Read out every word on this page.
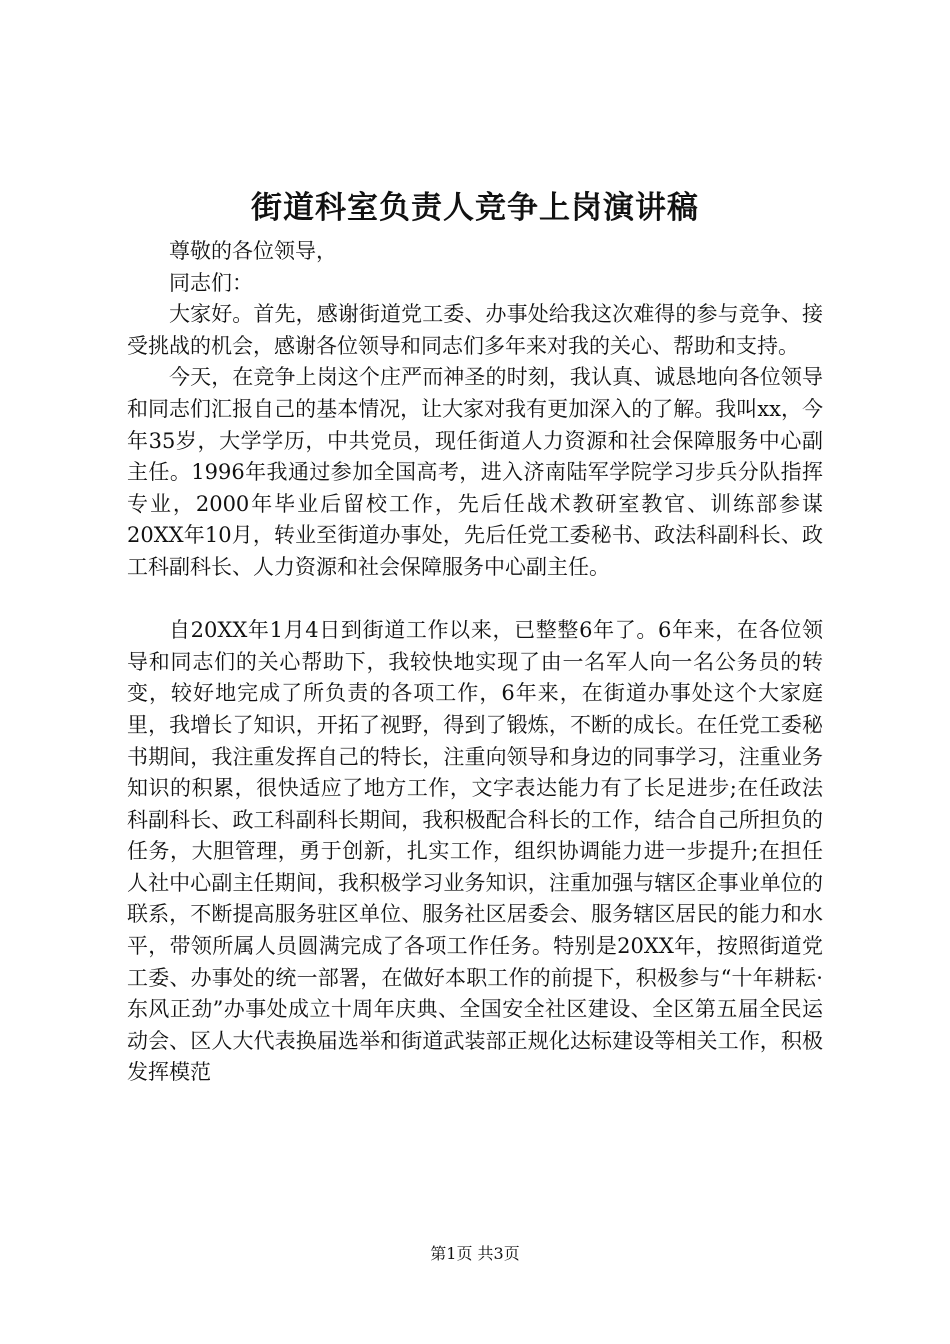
街道科室负责人竞争上岗演讲稿

尊敬的各位领导，

同志们：

大家好。首先，感谢街道党工委、办事处给我这次难得的参与竞争、接受挑战的机会，感谢各位领导和同志们多年来对我的关心、帮助和支持。

今天，在竞争上岗这个庄严而神圣的时刻，我认真、诚恳地向各位领导和同志们汇报自己的基本情况，让大家对我有更加深入的了解。我叫xx，今年35岁，大学学历，中共党员，现任街道人力资源和社会保障服务中心副主任。1996年我通过参加全国高考，进入济南陆军学院学习步兵分队指挥专业，2000年毕业后留校工作，先后任战术教研室教官、训练部参谋20XX年10月，转业至街道办事处，先后任党工委秘书、政法科副科长、政工科副科长、人力资源和社会保障服务中心副主任。

自20XX年1月4日到街道工作以来，已整整6年了。6年来，在各位领导和同志们的关心帮助下，我较快地实现了由一名军人向一名公务员的转变，较好地完成了所负责的各项工作，6年来，在街道办事处这个大家庭里，我增长了知识，开拓了视野，得到了锻炼，不断的成长。在任党工委秘书期间，我注重发挥自己的特长，注重向领导和身边的同事学习，注重业务知识的积累，很快适应了地方工作，文字表达能力有了长足进步;在任政法科副科长、政工科副科长期间，我积极配合科长的工作，结合自己所担负的任务，大胆管理，勇于创新，扎实工作，组织协调能力进一步提升;在担任人社中心副主任期间，我积极学习业务知识，注重加强与辖区企事业单位的联系，不断提高服务驻区单位、服务社区居委会、服务辖区居民的能力和水平，带领所属人员圆满完成了各项工作任务。特别是20XX年，按照街道党工委、办事处的统一部署，在做好本职工作的前提下，积极参与“十年耕耘·东风正劲”办事处成立十周年庆典、全国安全社区建设、全区第五届全民运动会、区人大代表换届选举和街道武装部正规化达标建设等相关工作，积极发挥模范

第1页 共3页
